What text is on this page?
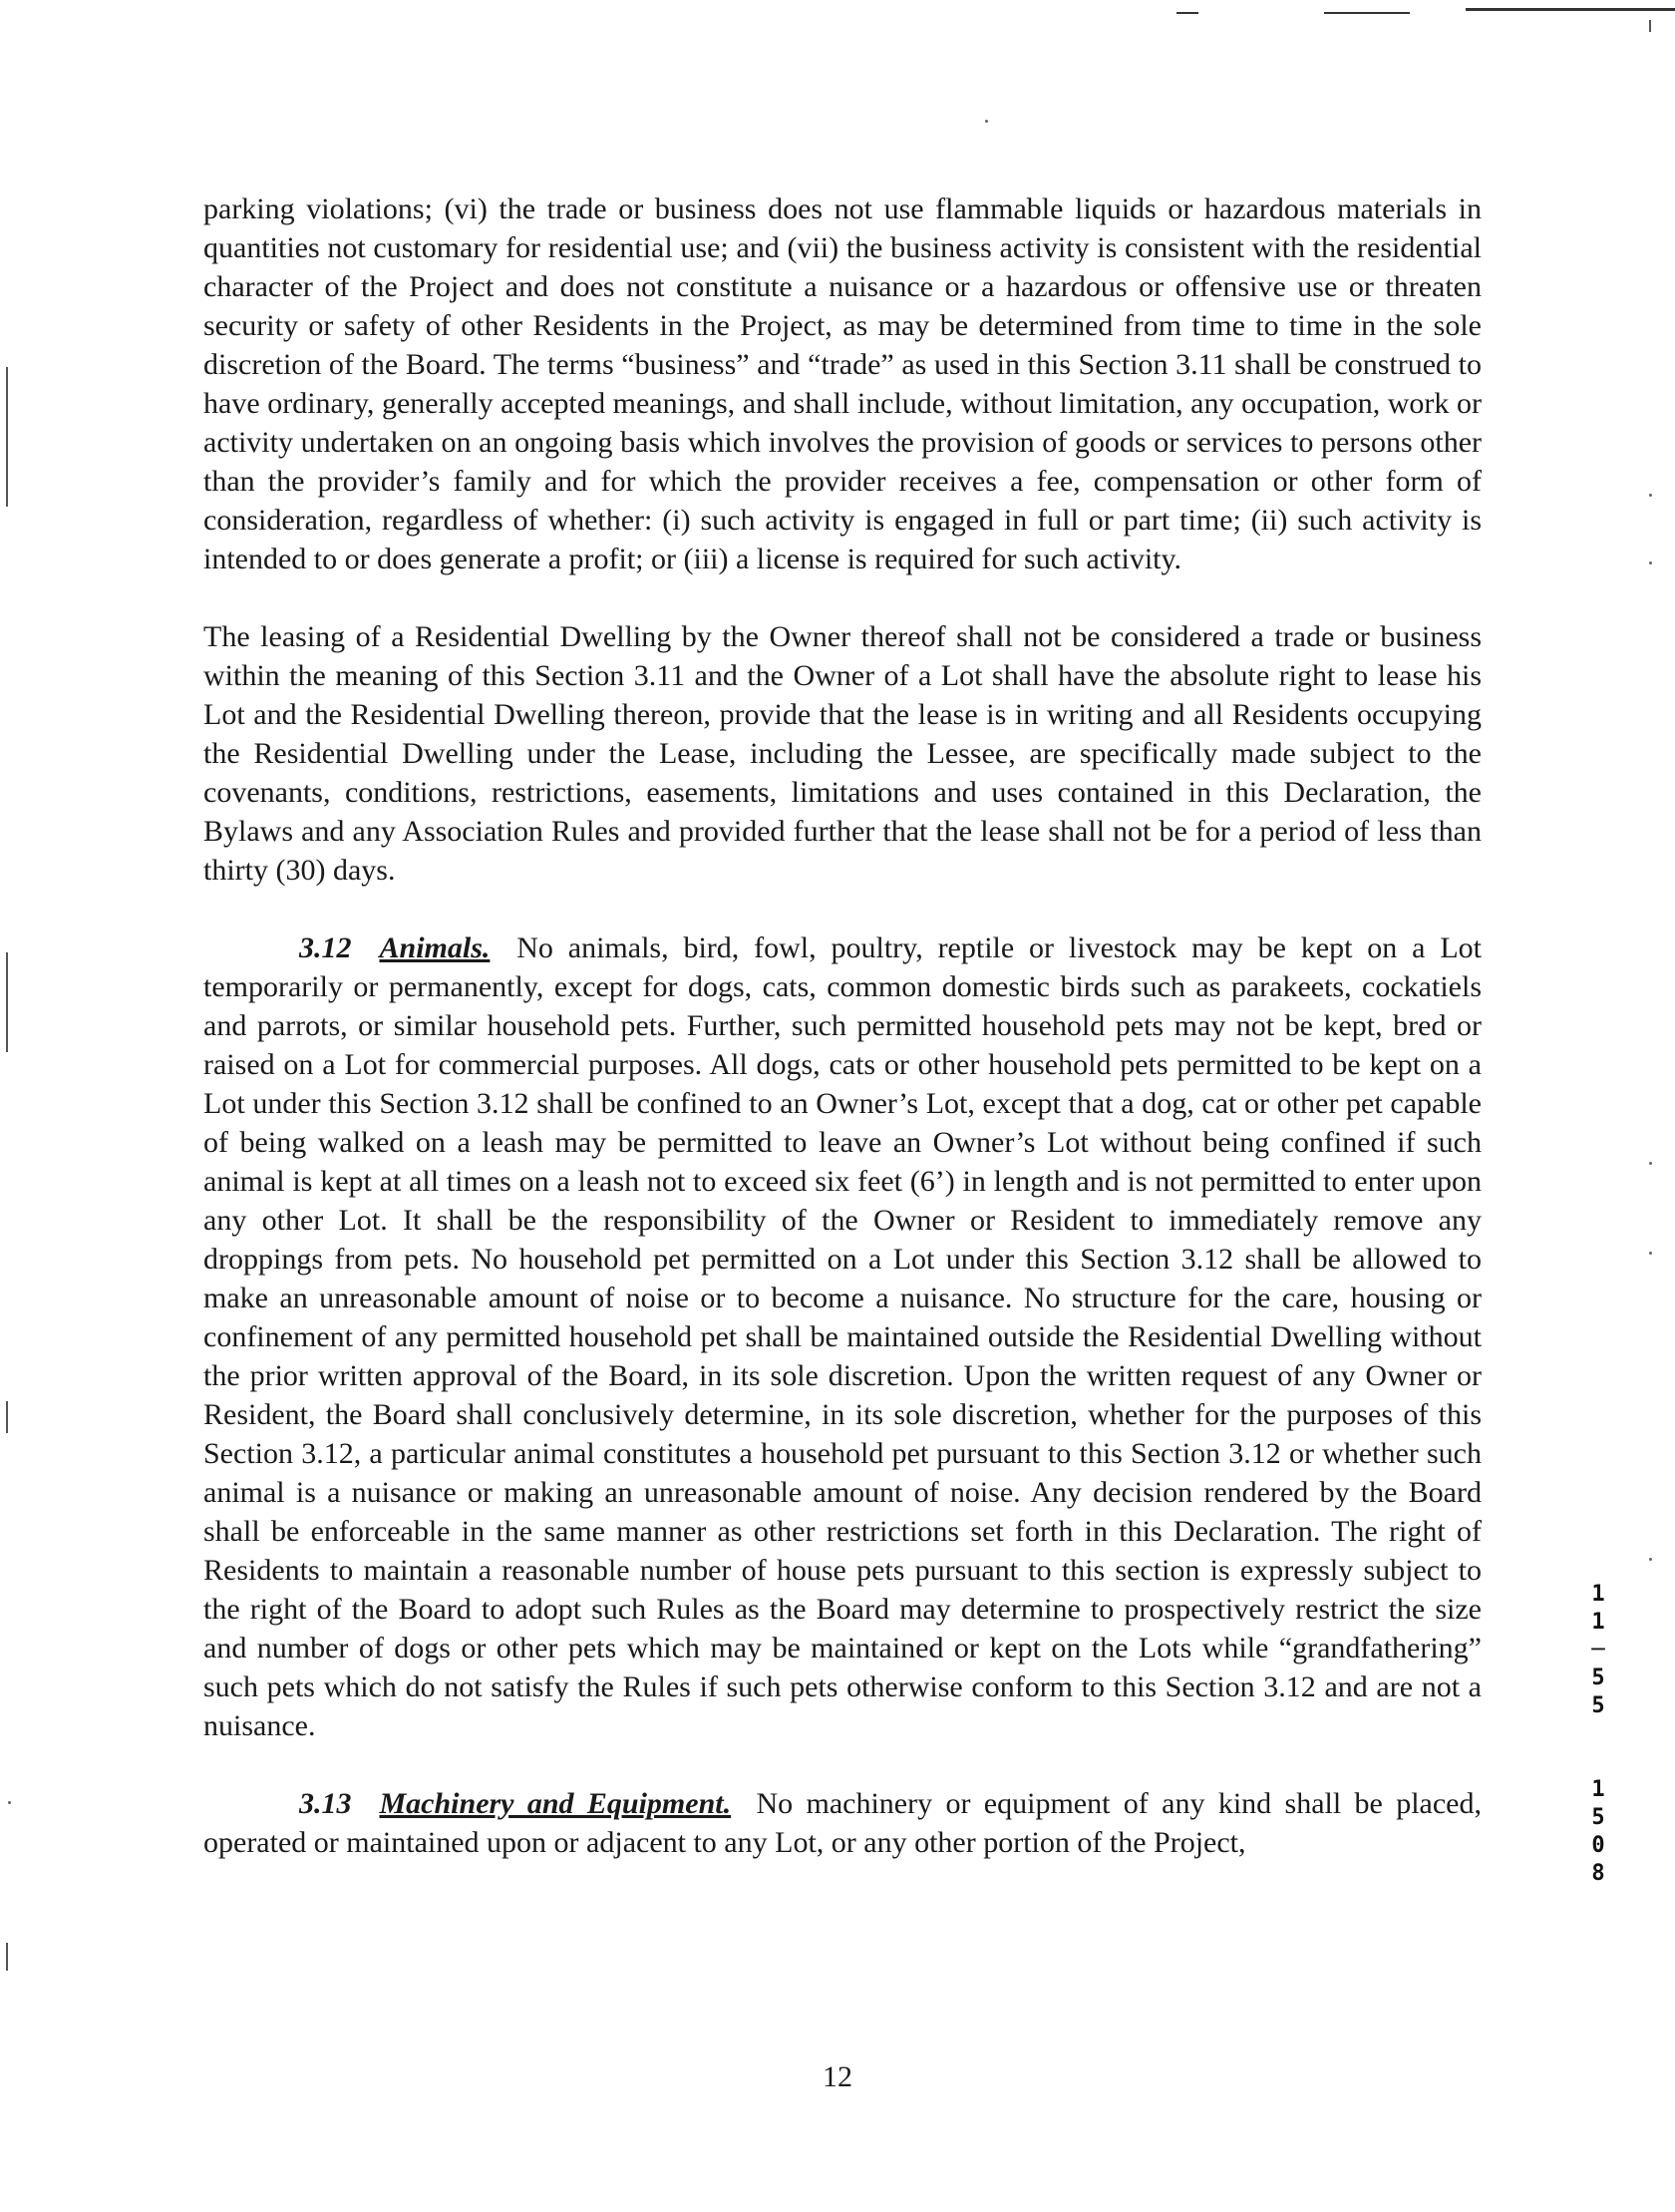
1
1
─
5
5
1
5
0
8

parking violations; (vi) the trade or business does not use flammable liquids or hazardous materials in quantities not customary for residential use; and (vii) the business activity is consistent with the residential character of the Project and does not constitute a nuisance or a hazardous or offensive use or threaten security or safety of other Residents in the Project, as may be determined from time to time in the sole discretion of the Board. The terms “business” and “trade” as used in this Section 3.11 shall be construed to have ordinary, generally accepted meanings, and shall include, without limitation, any occupation, work or activity undertaken on an ongoing basis which involves the provision of goods or services to persons other than the provider’s family and for which the provider receives a fee, compensation or other form of consideration, regardless of whether: (i) such activity is engaged in full or part time; (ii) such activity is intended to or does generate a profit; or (iii) a license is required for such activity.

The leasing of a Residential Dwelling by the Owner thereof shall not be considered a trade or business within the meaning of this Section 3.11 and the Owner of a Lot shall have the absolute right to lease his Lot and the Residential Dwelling thereon, provide that the lease is in writing and all Residents occupying the Residential Dwelling under the Lease, including the Lessee, are specifically made subject to the covenants, conditions, restrictions, easements, limitations and uses contained in this Declaration, the Bylaws and any Association Rules and provided further that the lease shall not be for a period of less than thirty (30) days.

3.12 Animals. No animals, bird, fowl, poultry, reptile or livestock may be kept on a Lot temporarily or permanently, except for dogs, cats, common domestic birds such as parakeets, cockatiels and parrots, or similar household pets. Further, such permitted household pets may not be kept, bred or raised on a Lot for commercial purposes. All dogs, cats or other household pets permitted to be kept on a Lot under this Section 3.12 shall be confined to an Owner’s Lot, except that a dog, cat or other pet capable of being walked on a leash may be permitted to leave an Owner’s Lot without being confined if such animal is kept at all times on a leash not to exceed six feet (6’) in length and is not permitted to enter upon any other Lot. It shall be the responsibility of the Owner or Resident to immediately remove any droppings from pets. No household pet permitted on a Lot under this Section 3.12 shall be allowed to make an unreasonable amount of noise or to become a nuisance. No structure for the care, housing or confinement of any permitted household pet shall be maintained outside the Residential Dwelling without the prior written approval of the Board, in its sole discretion. Upon the written request of any Owner or Resident, the Board shall conclusively determine, in its sole discretion, whether for the purposes of this Section 3.12, a particular animal constitutes a household pet pursuant to this Section 3.12 or whether such animal is a nuisance or making an unreasonable amount of noise. Any decision rendered by the Board shall be enforceable in the same manner as other restrictions set forth in this Declaration. The right of Residents to maintain a reasonable number of house pets pursuant to this section is expressly subject to the right of the Board to adopt such Rules as the Board may determine to prospectively restrict the size and number of dogs or other pets which may be maintained or kept on the Lots while “grandfathering” such pets which do not satisfy the Rules if such pets otherwise conform to this Section 3.12 and are not a nuisance.

3.13 Machinery and Equipment. No machinery or equipment of any kind shall be placed, operated or maintained upon or adjacent to any Lot, or any other portion of the Project,

12
